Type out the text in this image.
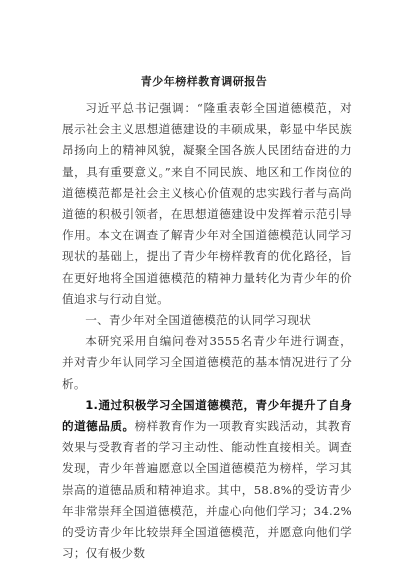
青少年榜样教育调研报告

习近平总书记强调：“隆重表彰全国道德模范，对展示社会主义思想道德建设的丰硕成果，彰显中华民族昂扬向上的精神风貌，凝聚全国各族人民团结奋进的力量，具有重要意义。”来自不同民族、地区和工作岗位的道德模范都是社会主义核心价值观的忠实践行者与高尚道德的积极引领者，在思想道德建设中发挥着示范引导作用。本文在调查了解青少年对全国道德模范认同学习现状的基础上，提出了青少年榜样教育的优化路径，旨在更好地将全国道德模范的精神力量转化为青少年的价值追求与行动自觉。

一、青少年对全国道德模范的认同学习现状

本研究采用自编问卷对3555名青少年进行调查，并对青少年认同学习全国道德模范的基本情况进行了分析。

1.通过积极学习全国道德模范，青少年提升了自身的道德品质。榜样教育作为一项教育实践活动，其教育效果与受教育者的学习主动性、能动性直接相关。调查发现，青少年普遍愿意以全国道德模范为榜样，学习其崇高的道德品质和精神追求。其中，58.8%的受访青少年非常崇拜全国道德模范，并虚心向他们学习；34.2%的受访青少年比较崇拜全国道德模范，并愿意向他们学习；仅有极少数
